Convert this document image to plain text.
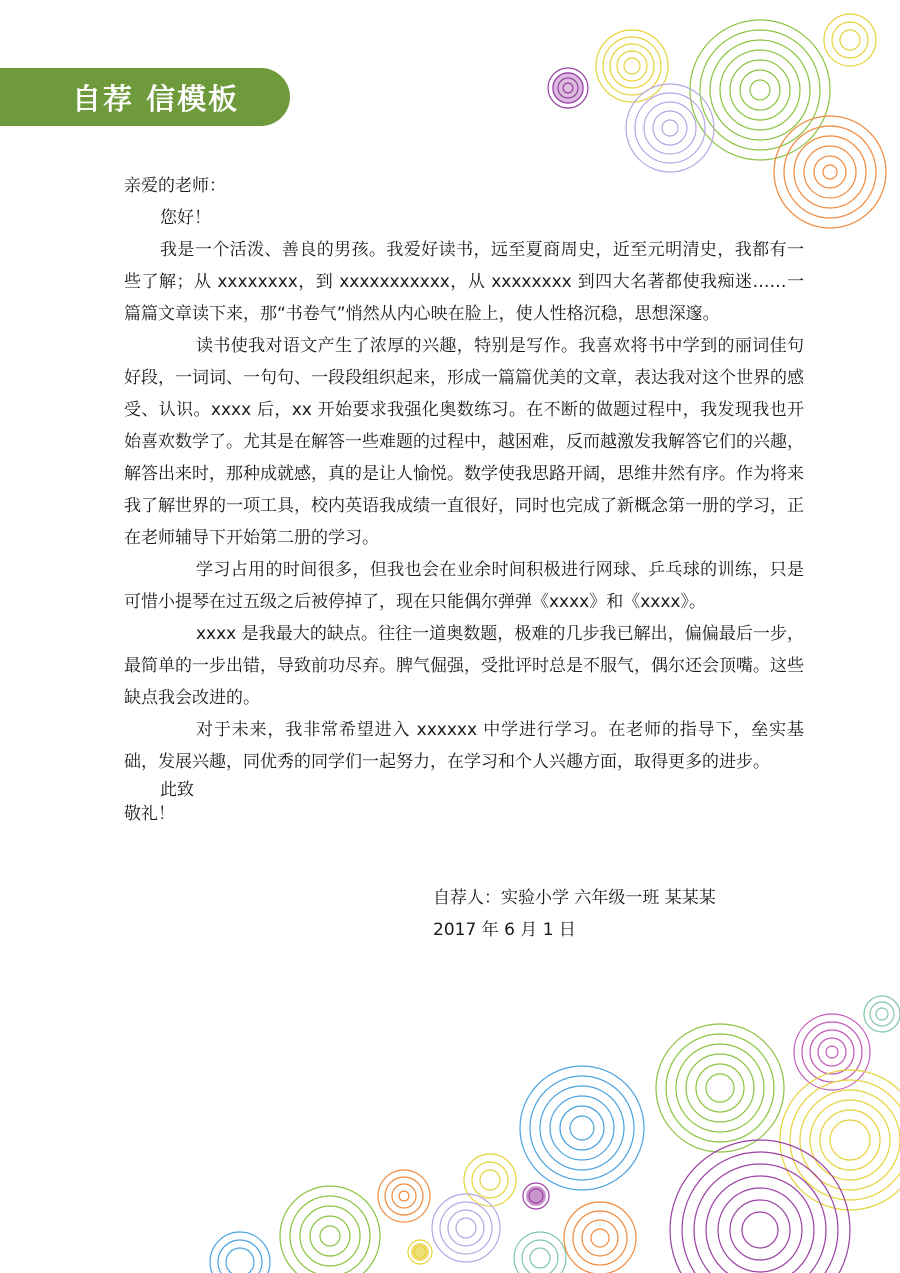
自荐 信模板

亲爱的老师：

您好！

我是一个活泼、善良的男孩。我爱好读书，远至夏商周史，近至元明清史，我都有一些了解；从 xxxxxxxx，到 xxxxxxxxxxx，从 xxxxxxxx 到四大名著都使我痴迷……一篇篇文章读下来，那“书卷气”悄然从内心映在脸上，使人性格沉稳，思想深邃。

读书使我对语文产生了浓厚的兴趣，特别是写作。我喜欢将书中学到的丽词佳句好段，一词词、一句句、一段段组织起来，形成一篇篇优美的文章，表达我对这个世界的感受、认识。xxxx 后，xx 开始要求我强化奥数练习。在不断的做题过程中，我发现我也开始喜欢数学了。尤其是在解答一些难题的过程中，越困难，反而越激发我解答它们的兴趣，解答出来时，那种成就感，真的是让人愉悦。数学使我思路开阔，思维井然有序。作为将来我了解世界的一项工具，校内英语我成绩一直很好，同时也完成了新概念第一册的学习，正在老师辅导下开始第二册的学习。

学习占用的时间很多，但我也会在业余时间积极进行网球、乒乓球的训练，只是可惜小提琴在过五级之后被停掉了，现在只能偶尔弹弹《xxxx》和《xxxx》。

xxxx 是我最大的缺点。往往一道奥数题，极难的几步我已解出，偏偏最后一步，最简单的一步出错，导致前功尽弃。脾气倔强，受批评时总是不服气，偶尔还会顶嘴。这些缺点我会改进的。

对于未来，我非常希望进入 xxxxxx 中学进行学习。在老师的指导下，垒实基础，发展兴趣，同优秀的同学们一起努力，在学习和个人兴趣方面，取得更多的进步。

此致

敬礼！

自荐人：实验小学 六年级一班 某某某
2017 年 6 月 1 日
